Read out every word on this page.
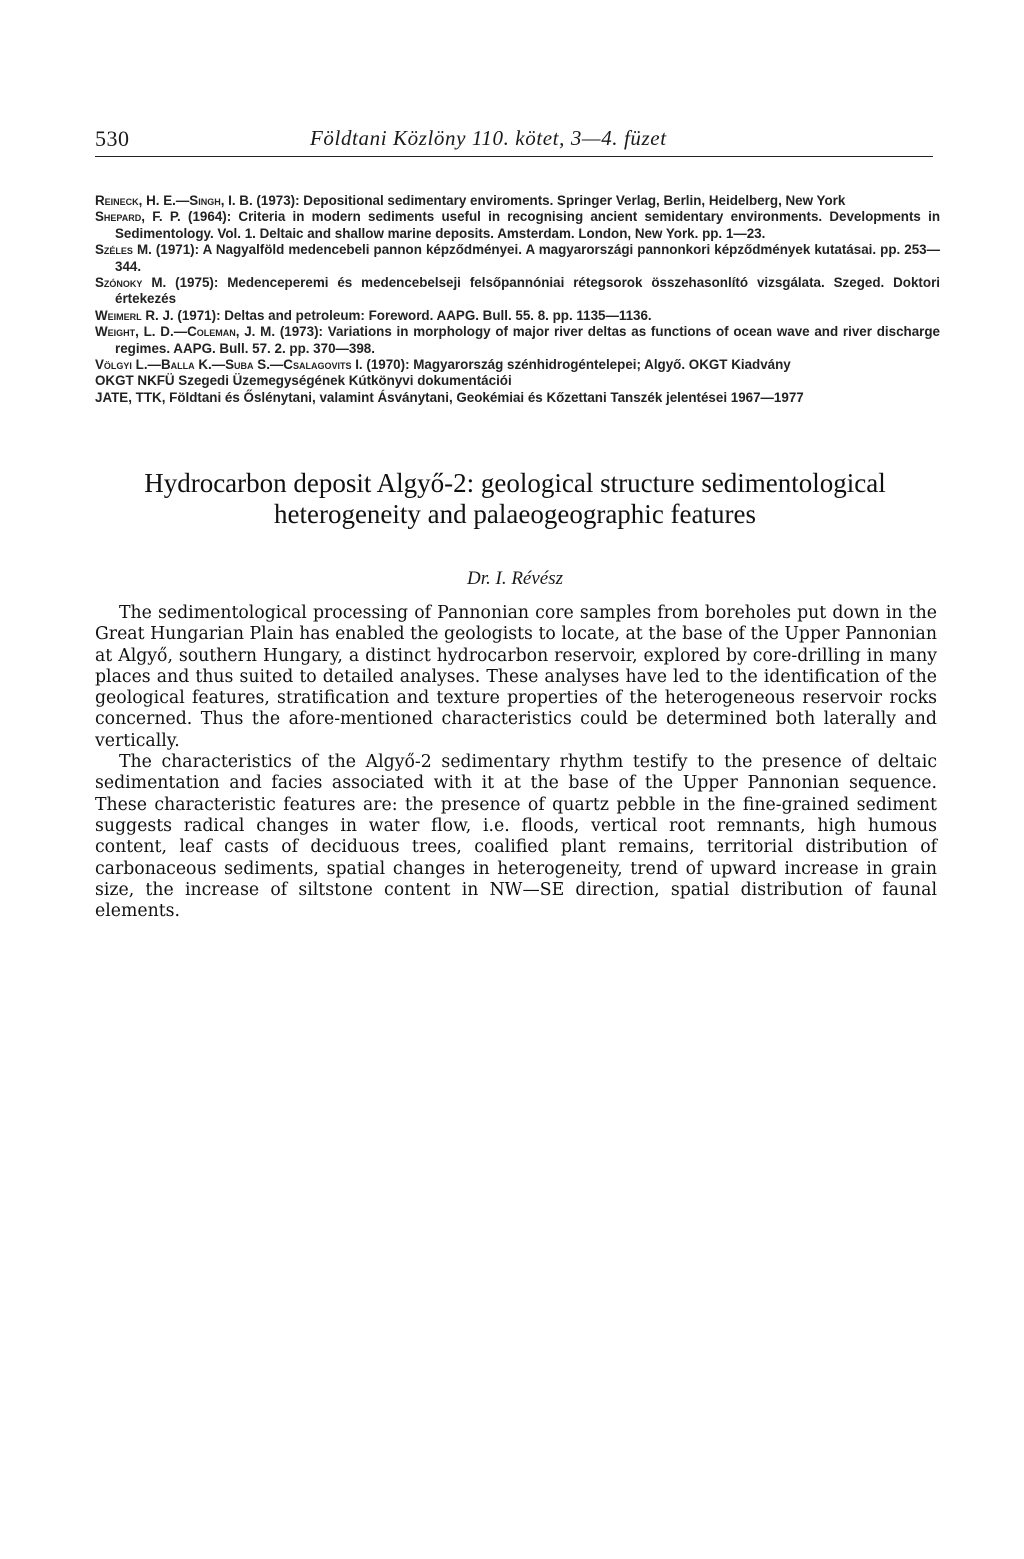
530	Földtani Közlöny 110. kötet, 3—4. füzet

Reineck, H. E.—Singh, I. B. (1973): Depositional sedimentary enviroments. Springer Verlag, Berlin, Heidelberg, New York

Shepard, F. P. (1964): Criteria in modern sediments useful in recognising ancient semidentary environments. Developments in Sedimentology. Vol. 1. Deltaic and shallow marine deposits. Amsterdam. London, New York. pp. 1—23.

Széles M. (1971): A Nagyalföld medencebeli pannon képződményei. A magyarországi pannonkori képződmények kutatásai. pp. 253—344.

Szónoky M. (1975): Medenceperemi és medencebelseji felsőpannóniai rétegsorok összehasonlító vizsgálata. Szeged. Doktori értekezés

Weimerl R. J. (1971): Deltas and petroleum: Foreword. AAPG. Bull. 55. 8. pp. 1135—1136.

Weight, L. D.—Coleman, J. M. (1973): Variations in morphology of major river deltas as functions of ocean wave and river discharge regimes. AAPG. Bull. 57. 2. pp. 370—398.

Völgyi L.—Balla K.—Suba S.—Csalagovits I. (1970): Magyarország szénhidrogéntelepei; Algyő. OKGT Kiadvány

OKGT NKFÜ Szegedi Üzemegységének Kútkönyvi dokumentációi

JATE, TTK, Földtani és Őslénytani, valamint Ásványtani, Geokémiai és Kőzettani Tanszék jelentései 1967—1977

Hydrocarbon deposit Algyő-2: geological structure sedimentological heterogeneity and palaeogeographic features
Dr. I. Révész

The sedimentological processing of Pannonian core samples from boreholes put down in the Great Hungarian Plain has enabled the geologists to locate, at the base of the Upper Pannonian at Algyő, southern Hungary, a distinct hydrocarbon reservoir, explored by core-drilling in many places and thus suited to detailed analyses. These analyses have led to the identification of the geological features, stratification and texture properties of the heterogeneous reservoir rocks concerned. Thus the afore-mentioned characteristics could be determined both laterally and vertically.

The characteristics of the Algyő-2 sedimentary rhythm testify to the presence of deltaic sedimentation and facies associated with it at the base of the Upper Pannonian sequence. These characteristic features are: the presence of quartz pebble in the fine-grained sediment suggests radical changes in water flow, i.e. floods, vertical root remnants, high humous content, leaf casts of deciduous trees, coalified plant remains, territorial distribution of carbonaceous sediments, spatial changes in heterogeneity, trend of upward increase in grain size, the increase of siltstone content in NW—SE direction, spatial distribution of faunal elements.
